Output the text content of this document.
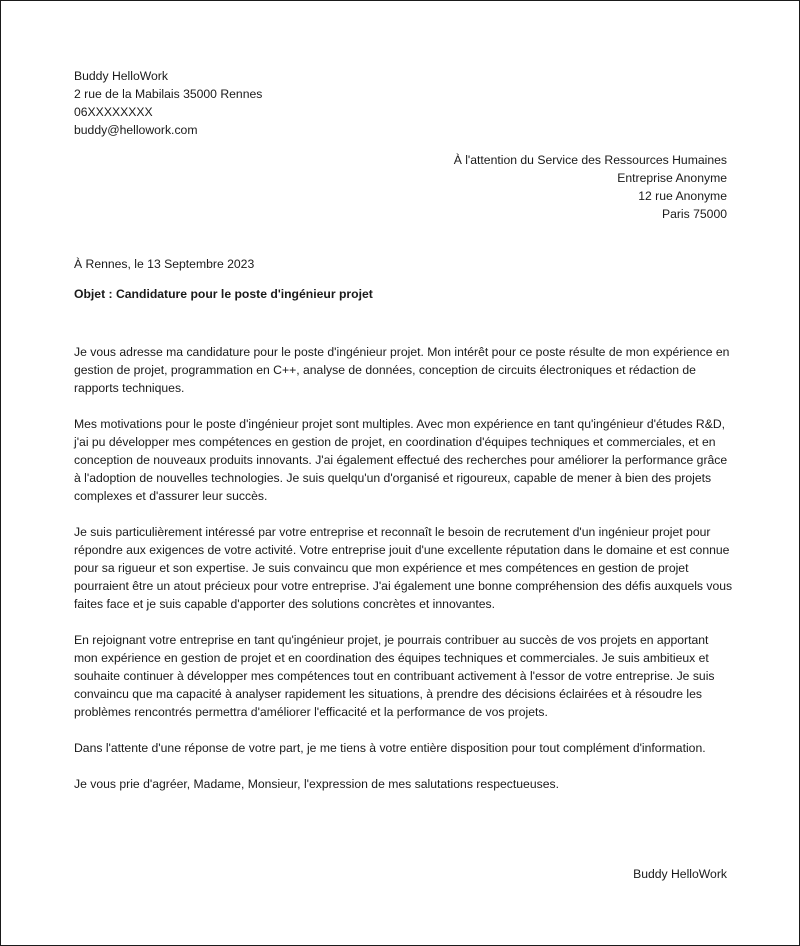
Buddy HelloWork
2 rue de la Mabilais 35000 Rennes
06XXXXXXXX
buddy@hellowork.com
À l'attention du Service des Ressources Humaines
Entreprise Anonyme
12 rue Anonyme
Paris 75000
À Rennes, le 13 Septembre 2023
Objet : Candidature pour le poste d'ingénieur projet

Je vous adresse ma candidature pour le poste d'ingénieur projet. Mon intérêt pour ce poste résulte de mon expérience en gestion de projet, programmation en C++, analyse de données, conception de circuits électroniques et rédaction de rapports techniques.

Mes motivations pour le poste d'ingénieur projet sont multiples. Avec mon expérience en tant qu'ingénieur d'études R&D, j'ai pu développer mes compétences en gestion de projet, en coordination d'équipes techniques et commerciales, et en conception de nouveaux produits innovants. J'ai également effectué des recherches pour améliorer la performance grâce à l'adoption de nouvelles technologies. Je suis quelqu'un d'organisé et rigoureux, capable de mener à bien des projets complexes et d'assurer leur succès.

Je suis particulièrement intéressé par votre entreprise et reconnaît le besoin de recrutement d'un ingénieur projet pour répondre aux exigences de votre activité. Votre entreprise jouit d'une excellente réputation dans le domaine et est connue pour sa rigueur et son expertise. Je suis convaincu que mon expérience et mes compétences en gestion de projet pourraient être un atout précieux pour votre entreprise. J'ai également une bonne compréhension des défis auxquels vous faites face et je suis capable d'apporter des solutions concrètes et innovantes.

En rejoignant votre entreprise en tant qu'ingénieur projet, je pourrais contribuer au succès de vos projets en apportant mon expérience en gestion de projet et en coordination des équipes techniques et commerciales. Je suis ambitieux et souhaite continuer à développer mes compétences tout en contribuant activement à l'essor de votre entreprise. Je suis convaincu que ma capacité à analyser rapidement les situations, à prendre des décisions éclairées et à résoudre les problèmes rencontrés permettra d'améliorer l'efficacité et la performance de vos projets.

Dans l'attente d'une réponse de votre part, je me tiens à votre entière disposition pour tout complément d'information.

Je vous prie d'agréer, Madame, Monsieur, l'expression de mes salutations respectueuses.

Buddy HelloWork
